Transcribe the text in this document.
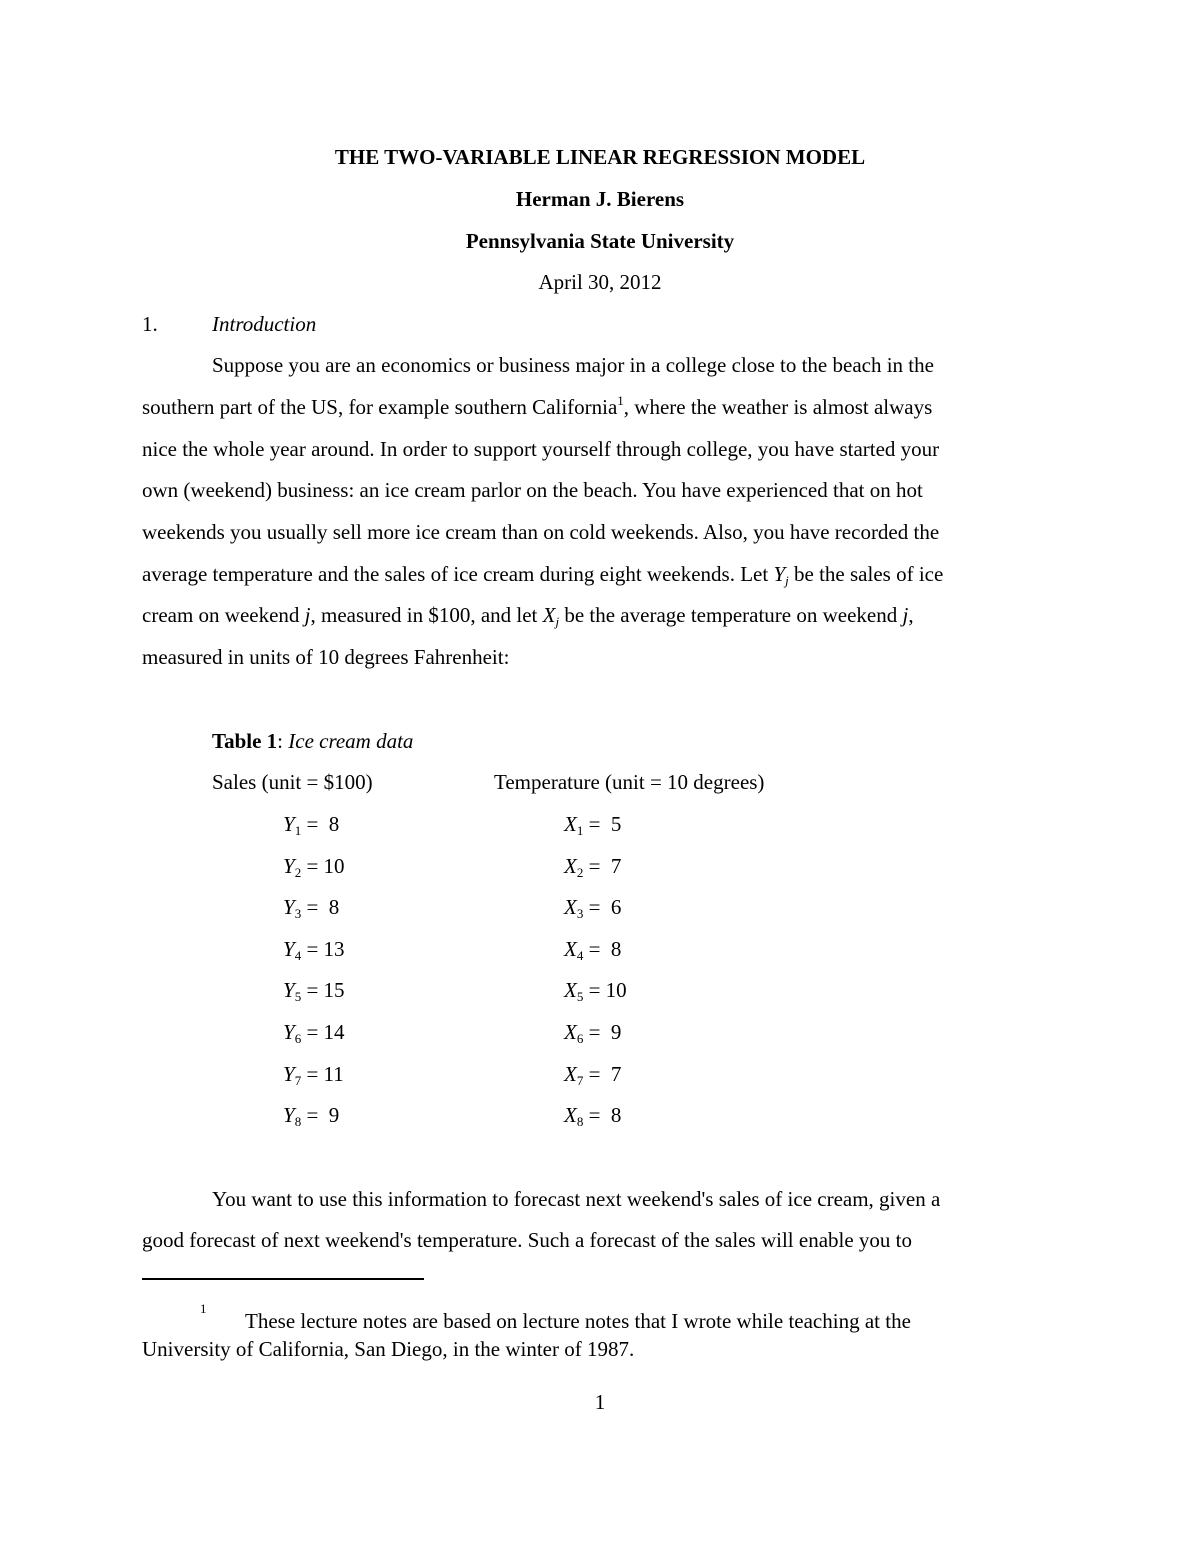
THE TWO-VARIABLE LINEAR REGRESSION MODEL
Herman J. Bierens
Pennsylvania State University
April 30, 2012
1.	Introduction
Suppose you are an economics or business major in a college close to the beach in the
southern part of the US, for example southern California$^1$, where the weather is almost always
nice the whole year around. In order to support yourself through college, you have started your
own (weekend) business: an ice cream parlor on the beach. You have experienced that on hot
weekends you usually sell more ice cream than on cold weekends. Also, you have recorded the
average temperature and the sales of ice cream during eight weekends. Let $Y_j$ be the sales of ice
cream on weekend j, measured in $100, and let $X_j$ be the average temperature on weekend j,
measured in units of 10 degrees Fahrenheit:
Table 1: Ice cream data
Sales (unit = $100)	Temperature (unit = 10 degrees)
$Y_1 = 8$	$X_1 = 5$
$Y_2 = 10$	$X_2 = 7$
$Y_3 = 8$	$X_3 = 6$
$Y_4 = 13$	$X_4 = 8$
$Y_5 = 15$	$X_5 = 10$
$Y_6 = 14$	$X_6 = 9$
$Y_7 = 11$	$X_7 = 7$
$Y_8 = 9$	$X_8 = 8$
You want to use this information to forecast next weekend's sales of ice cream, given a
good forecast of next weekend's temperature. Such a forecast of the sales will enable you to
1
These lecture notes are based on lecture notes that I wrote while teaching at the
University of California, San Diego, in the winter of 1987.
1
